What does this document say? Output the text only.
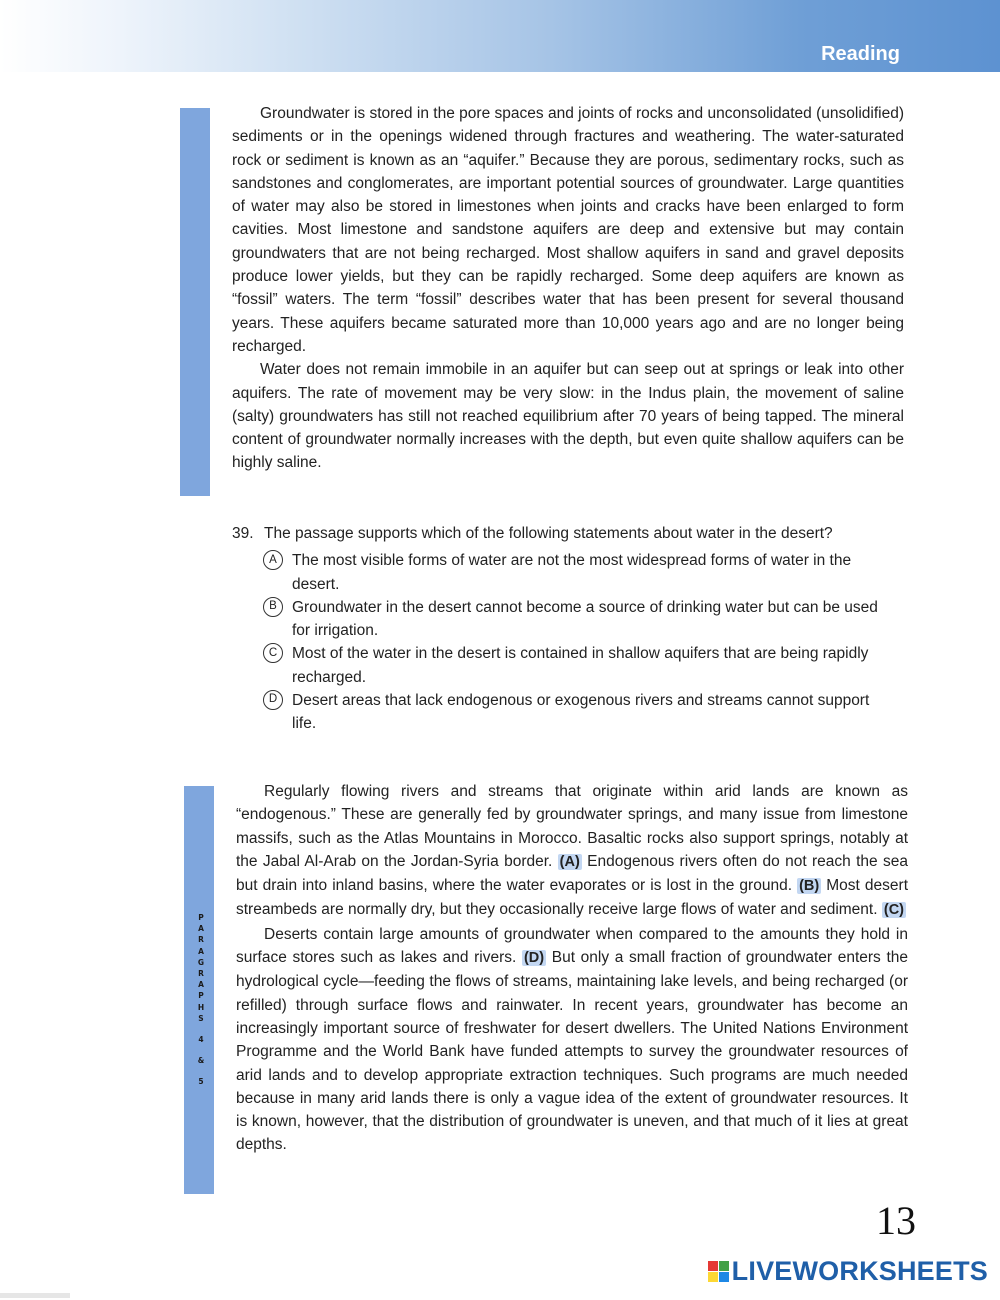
Reading
P
A
R
A
G
R
A
P
H
S
4
&
5

Groundwater is stored in the pore spaces and joints of rocks and unconsolidated (unsolidified) sediments or in the openings widened through fractures and weathering. The water-saturated rock or sediment is known as an “aquifer.” Because they are porous, sedimentary rocks, such as sandstones and conglomerates, are important potential sources of groundwater. Large quantities of water may also be stored in limestones when joints and cracks have been enlarged to form cavities. Most limestone and sandstone aquifers are deep and extensive but may contain groundwaters that are not being recharged. Most shallow aquifers in sand and gravel deposits produce lower yields, but they can be rapidly recharged. Some deep aquifers are known as “fossil” waters. The term “fossil” describes water that has been present for several thousand years. These aquifers became saturated more than 10,000 years ago and are no longer being recharged.

Water does not remain immobile in an aquifer but can seep out at springs or leak into other aquifers. The rate of movement may be very slow: in the Indus plain, the movement of saline (salty) groundwaters has still not reached equilibrium after 70 years of being tapped. The mineral content of groundwater normally increases with the depth, but even quite shallow aquifers can be highly saline.

39. The passage supports which of the following statements about water in the desert?
A The most visible forms of water are not the most widespread forms of water in the desert.
B Groundwater in the desert cannot become a source of drinking water but can be used for irrigation.
C Most of the water in the desert is contained in shallow aquifers that are being rapidly recharged.
D Desert areas that lack endogenous or exogenous rivers and streams cannot support life.

Regularly flowing rivers and streams that originate within arid lands are known as “endogenous.” These are generally fed by groundwater springs, and many issue from limestone massifs, such as the Atlas Mountains in Morocco. Basaltic rocks also support springs, notably at the Jabal Al-Arab on the Jordan-Syria border. (A) Endogenous rivers often do not reach the sea but drain into inland basins, where the water evaporates or is lost in the ground. (B) Most desert streambeds are normally dry, but they occasionally receive large flows of water and sediment. (C)

Deserts contain large amounts of groundwater when compared to the amounts they hold in surface stores such as lakes and rivers. (D) But only a small fraction of groundwater enters the hydrological cycle—feeding the flows of streams, maintaining lake levels, and being recharged (or refilled) through surface flows and rainwater. In recent years, groundwater has become an increasingly important source of freshwater for desert dwellers. The United Nations Environment Programme and the World Bank have funded attempts to survey the groundwater resources of arid lands and to develop appropriate extraction techniques. Such programs are much needed because in many arid lands there is only a vague idea of the extent of groundwater resources. It is known, however, that the distribution of groundwater is uneven, and that much of it lies at great depths.

13
LIVEWORKSHEETS
